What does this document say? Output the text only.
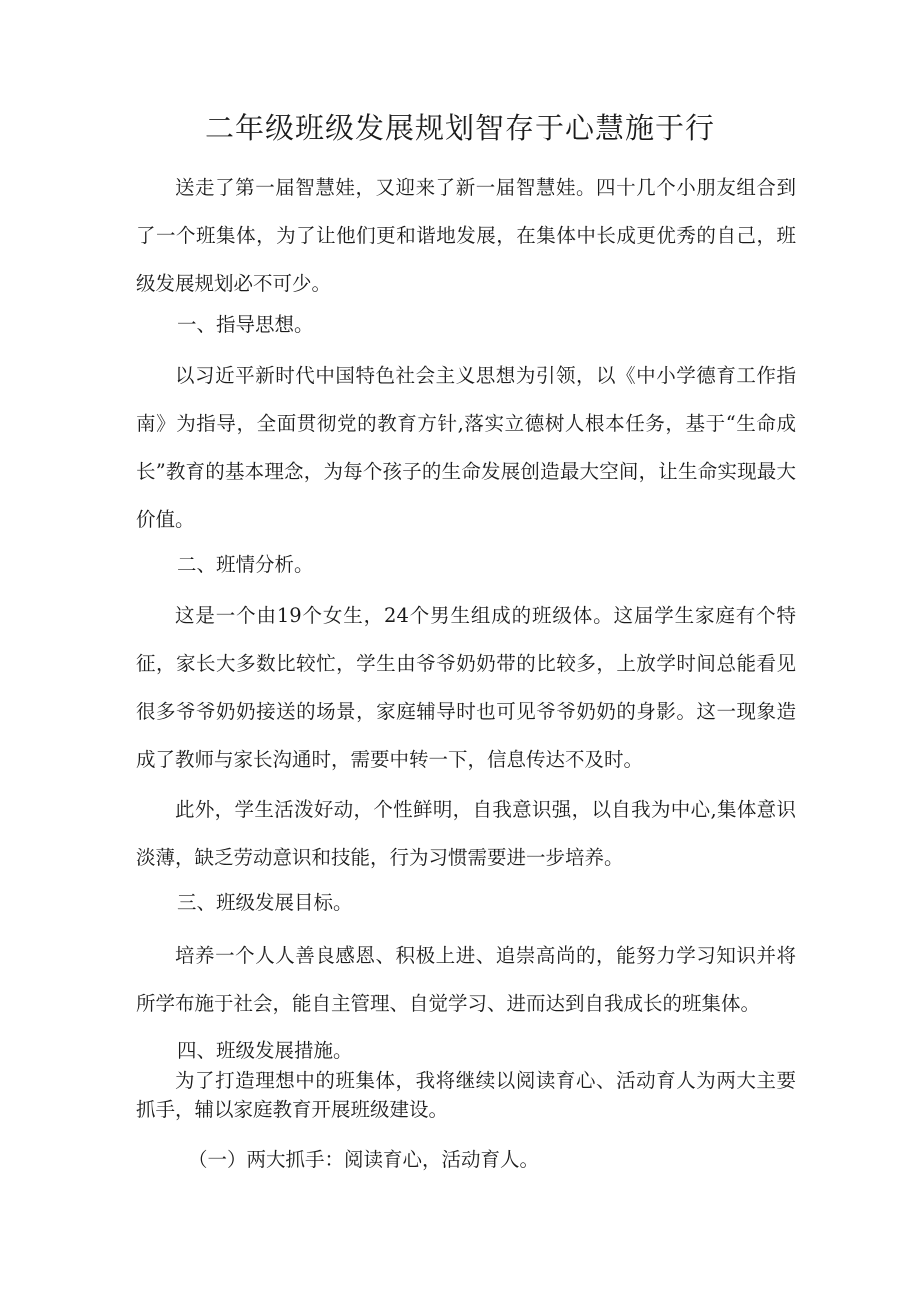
二年级班级发展规划智存于心慧施于行

送走了第一届智慧娃，又迎来了新一届智慧娃。四十几个小朋友组合到了一个班集体，为了让他们更和谐地发展，在集体中长成更优秀的自己，班级发展规划必不可少。

一、指导思想。

以习近平新时代中国特色社会主义思想为引领，以《中小学德育工作指南》为指导，全面贯彻党的教育方针,落实立德树人根本任务，基于“生命成长”教育的基本理念，为每个孩子的生命发展创造最大空间，让生命实现最大价值。

二、班情分析。

这是一个由19个女生，24个男生组成的班级体。这届学生家庭有个特征，家长大多数比较忙，学生由爷爷奶奶带的比较多，上放学时间总能看见很多爷爷奶奶接送的场景，家庭辅导时也可见爷爷奶奶的身影。这一现象造成了教师与家长沟通时，需要中转一下，信息传达不及时。

此外，学生活泼好动，个性鲜明，自我意识强，以自我为中心,集体意识淡薄，缺乏劳动意识和技能，行为习惯需要进一步培养。

三、班级发展目标。

培养一个人人善良感恩、积极上进、追崇高尚的，能努力学习知识并将所学布施于社会，能自主管理、自觉学习、进而达到自我成长的班集体。

四、班级发展措施。

为了打造理想中的班集体，我将继续以阅读育心、活动育人为两大主要抓手，辅以家庭教育开展班级建设。

（一）两大抓手：阅读育心，活动育人。
